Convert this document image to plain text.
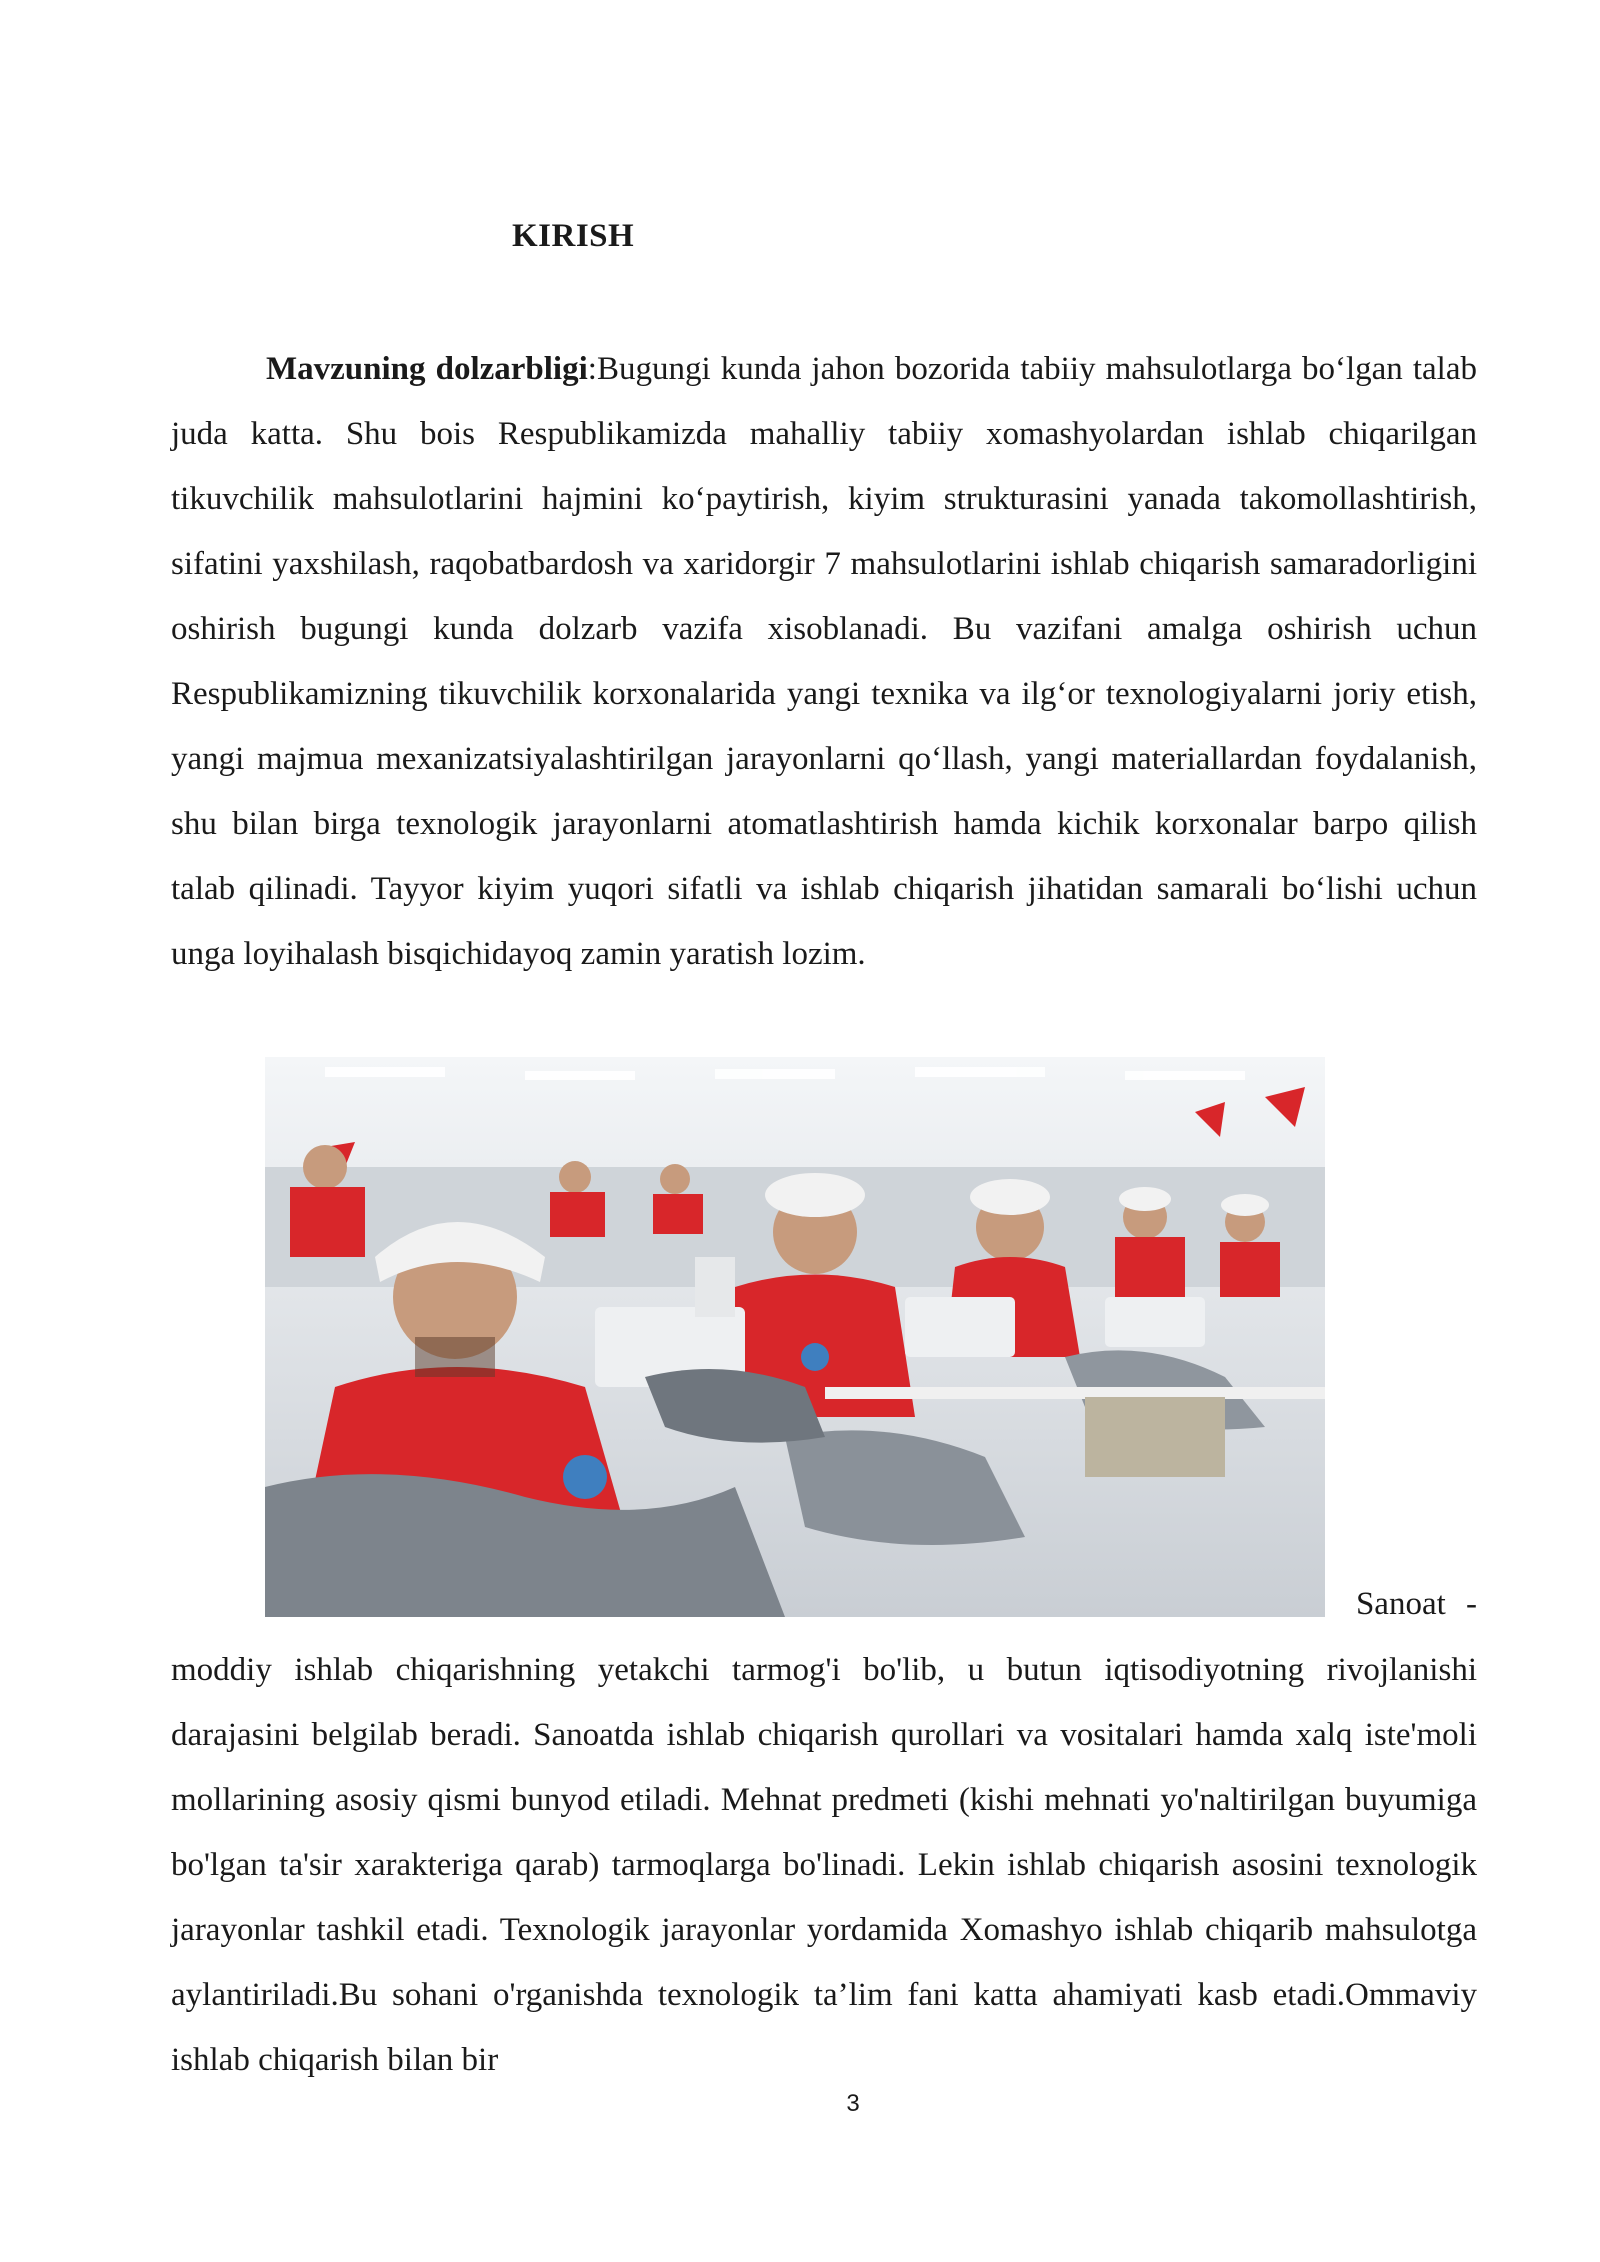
KIRISH
Mavzuning dolzarbligi:Bugungi kunda jahon bozorida tabiiy mahsulotlarga bo‘lgan talab juda katta. Shu bois Respublikamizda mahalliy tabiiy xomashyolardan ishlab chiqarilgan tikuvchilik mahsulotlarini hajmini ko‘paytirish, kiyim strukturasini yanada takomollashtirish, sifatini yaxshilash, raqobatbardosh va xaridorgir 7 mahsulotlarini ishlab chiqarish samaradorligini oshirish bugungi kunda dolzarb vazifa xisoblanadi. Bu vazifani amalga oshirish uchun Respublikamizning tikuvchilik korxonalarida yangi texnika va ilg‘or texnologiyalarni joriy etish, yangi majmua mexanizatsiyalashtirilgan jarayonlarni qo‘llash, yangi materiallardan foydalanish, shu bilan birga texnologik jarayonlarni atomatlashtirish hamda kichik korxonalar barpo qilish talab qilinadi. Tayyor kiyim yuqori sifatli va ishlab chiqarish jihatidan samarali bo‘lishi uchun unga loyihalash bisqichidayoq zamin yaratish lozim.
Sanoat -
moddiy ishlab chiqarishning yetakchi tarmog'i bo'lib, u butun iqtisodiyotning rivojlanishi darajasini belgilab beradi. Sanoatda ishlab chiqarish qurollari va vositalari hamda xalq iste'moli mollarining asosiy qismi bunyod etiladi. Mehnat predmeti (kishi mehnati yo'naltirilgan buyumiga bo'lgan ta'sir xarakteriga qarab) tarmoqlarga bo'linadi. Lekin ishlab chiqarish asosini texnologik jarayonlar tashkil etadi. Texnologik jarayonlar yordamida Xomashyo ishlab chiqarib mahsulotga aylantiriladi.Bu sohani o'rganishda texnologik ta’lim fani katta ahamiyati kasb etadi.Ommaviy ishlab chiqarish bilan bir
3
